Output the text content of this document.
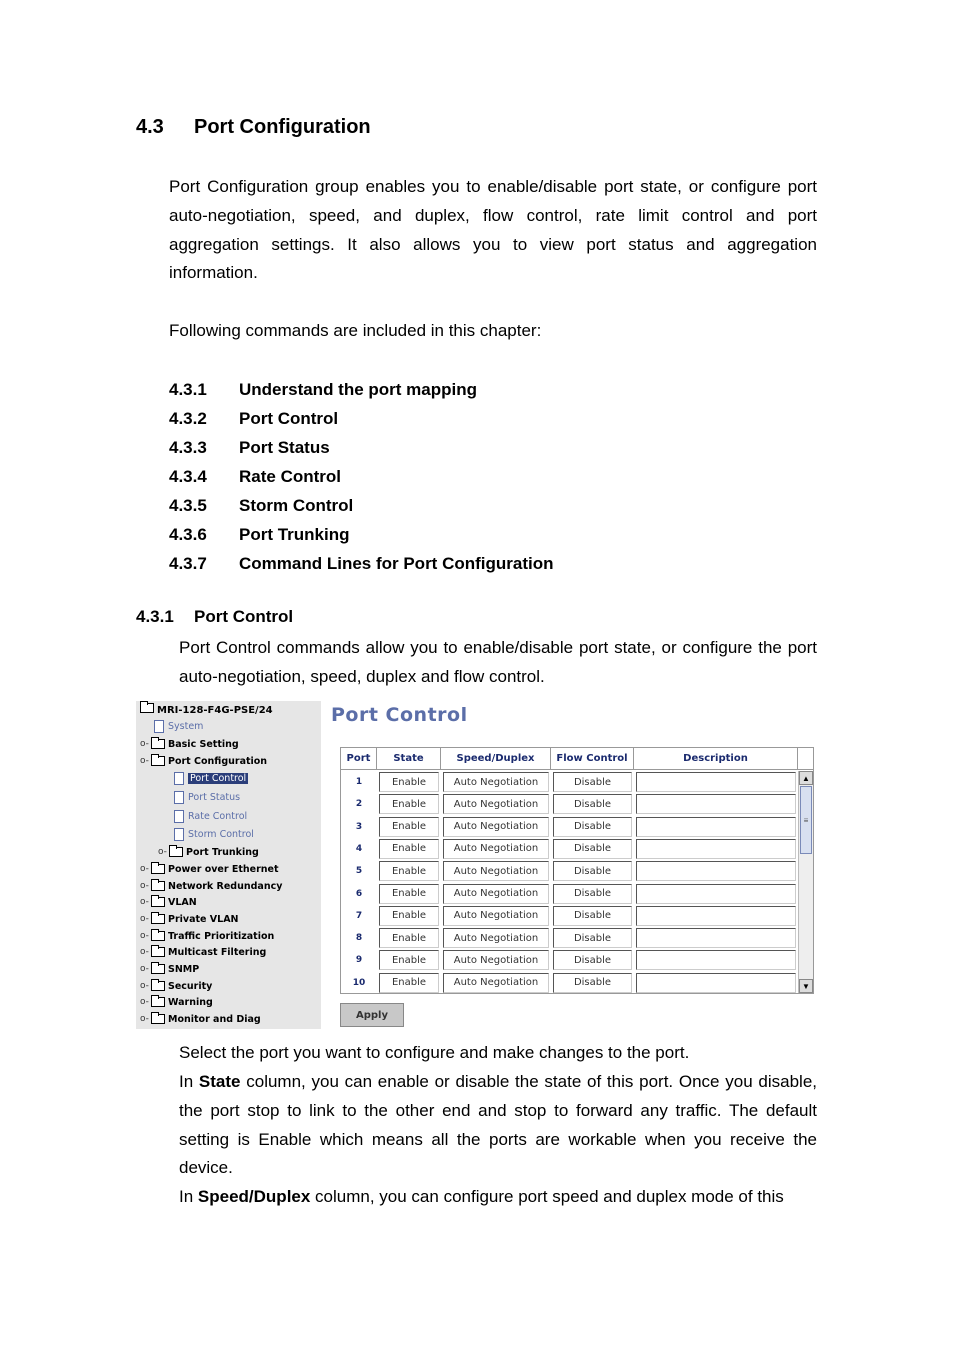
4.3 Port Configuration
Port Configuration group enables you to enable/disable port state, or configure port auto-negotiation, speed, and duplex, flow control, rate limit control and port aggregation settings. It also allows you to view port status and aggregation information.
Following commands are included in this chapter:
4.3.1 Understand the port mapping
4.3.2 Port Control
4.3.3 Port Status
4.3.4 Rate Control
4.3.5 Storm Control
4.3.6 Port Trunking
4.3.7 Command Lines for Port Configuration
4.3.1 Port Control
Port Control commands allow you to enable/disable port state, or configure the port auto-negotiation, speed, duplex and flow control.
MRI-128-F4G-PSE/24
System
o- Basic Setting
o- Port Configuration
Port Control
Port Status
Rate Control
Storm Control
o- Port Trunking
o- Power over Ethernet
o- Network Redundancy
o- VLAN
o- Private VLAN
o- Traffic Prioritization
o- Multicast Filtering
o- SNMP
o- Security
o- Warning
o- Monitor and Diag
Port Control
Port	State	Speed/Duplex	Flow Control	Description
1	Enable	Auto Negotiation	Disable
2	Enable	Auto Negotiation	Disable
3	Enable	Auto Negotiation	Disable
4	Enable	Auto Negotiation	Disable
5	Enable	Auto Negotiation	Disable
6	Enable	Auto Negotiation	Disable
7	Enable	Auto Negotiation	Disable
8	Enable	Auto Negotiation	Disable
9	Enable	Auto Negotiation	Disable
10	Enable	Auto Negotiation	Disable
▲
≡
▼
Apply
Select the port you want to configure and make changes to the port.
In State column, you can enable or disable the state of this port. Once you disable, the port stop to link to the other end and stop to forward any traffic. The default setting is Enable which means all the ports are workable when you receive the device.
In Speed/Duplex column, you can configure port speed and duplex mode of this
